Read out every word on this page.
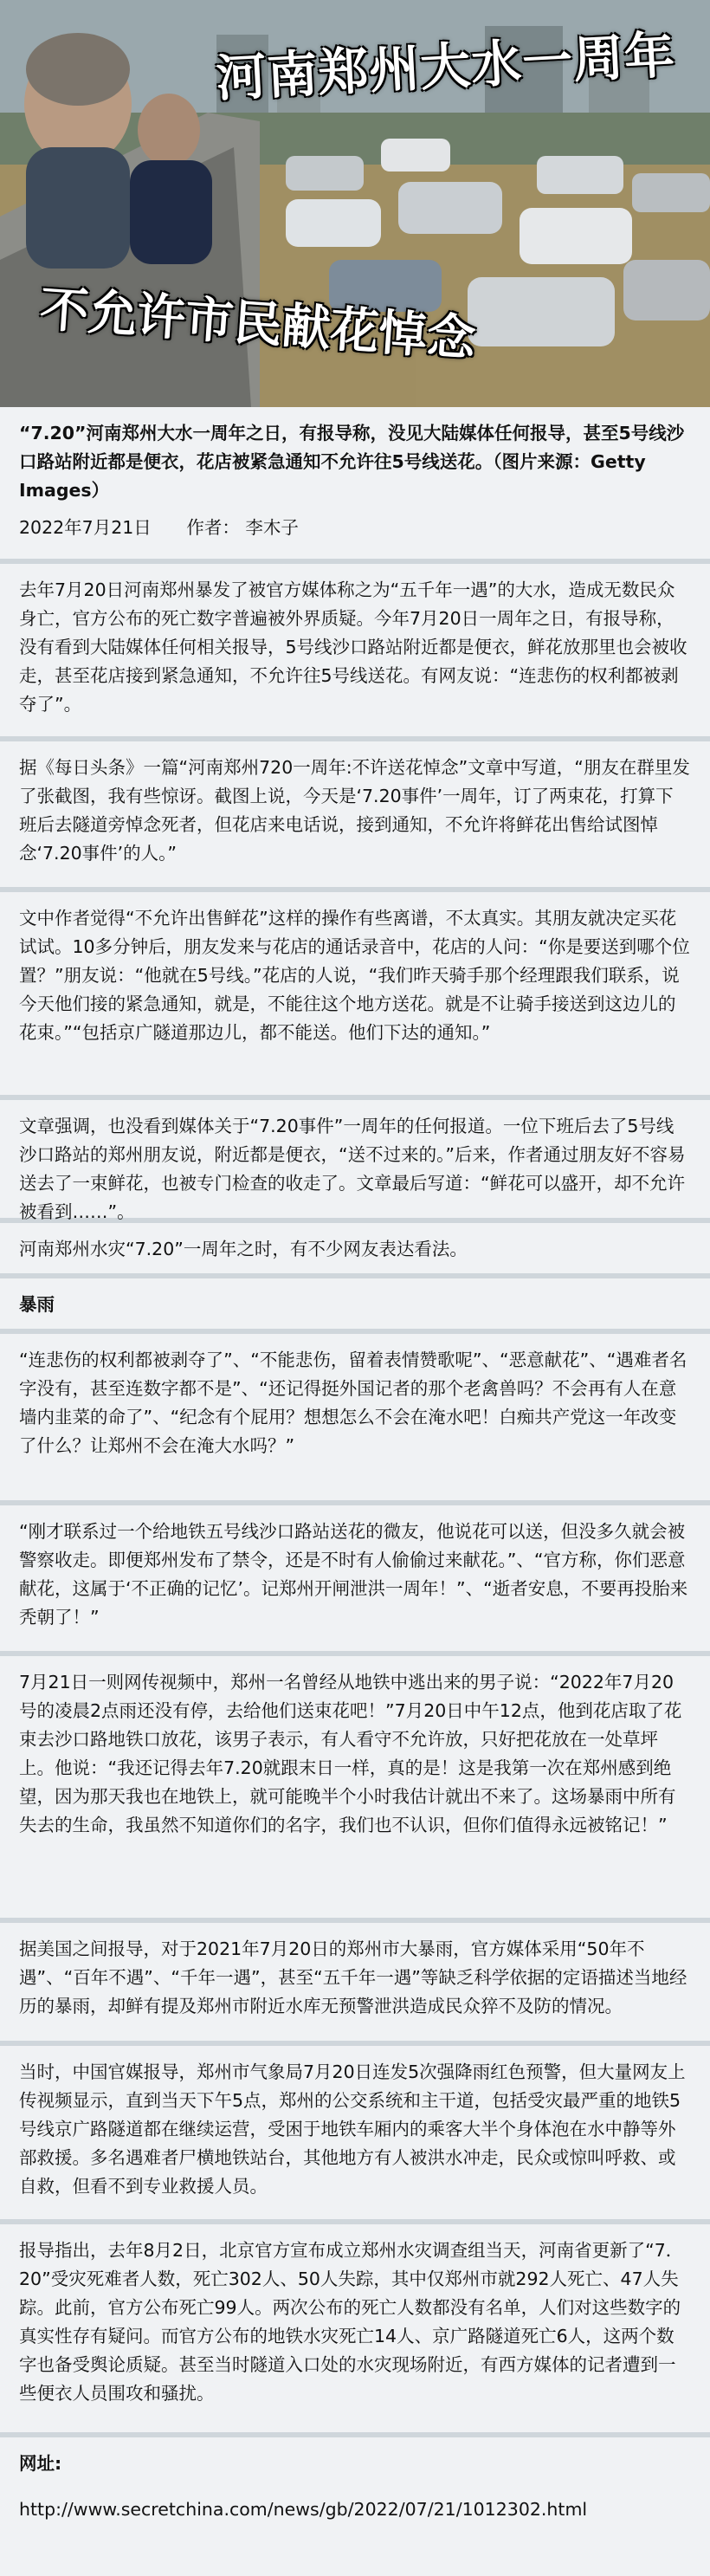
河南郑州大水一周年
不允许市民献花悼念
“7.20”河南郑州大水一周年之日，有报导称，没见大陆媒体任何报导，甚至5号线沙口路站附近都是便衣，花店被紧急通知不允许往5号线送花。（图片来源：Getty Images）
2022年7月21日 作者： 李木子
去年7月20日河南郑州暴发了被官方媒体称之为“五千年一遇”的大水，造成无数民众身亡，官方公布的死亡数字普遍被外界质疑。今年7月20日一周年之日，有报导称，没有看到大陆媒体任何相关报导，5号线沙口路站附近都是便衣，鲜花放那里也会被收走，甚至花店接到紧急通知，不允许往5号线送花。有网友说：“连悲伤的权利都被剥夺了”。
据《每日头条》一篇“河南郑州720一周年:不许送花悼念”文章中写道，“朋友在群里发了张截图，我有些惊讶。截图上说，今天是‘7.20事件’一周年，订了两束花，打算下班后去隧道旁悼念死者，但花店来电话说，接到通知，不允许将鲜花出售给试图悼念‘7.20事件’的人。”
文中作者觉得“不允许出售鲜花”这样的操作有些离谱，不太真实。其朋友就决定买花试试。10多分钟后，朋友发来与花店的通话录音中，花店的人问：“你是要送到哪个位置？”朋友说：“他就在5号线。”花店的人说，“我们昨天骑手那个经理跟我们联系，说今天他们接的紧急通知，就是，不能往这个地方送花。就是不让骑手接送到这边儿的花束。”“包括京广隧道那边儿，都不能送。他们下达的通知。”
文章强调，也没看到媒体关于“7.20事件”一周年的任何报道。一位下班后去了5号线沙口路站的郑州朋友说，附近都是便衣，“送不过来的。”后来，作者通过朋友好不容易送去了一束鲜花，也被专门检查的收走了。文章最后写道：“鲜花可以盛开，却不允许被看到……”。
河南郑州水灾“7.20”一周年之时，有不少网友表达看法。
暴雨
“连悲伤的权利都被剥夺了”、“不能悲伤，留着表情赞歌呢”、“恶意献花”、“遇难者名字没有，甚至连数字都不是”、“还记得挺外国记者的那个老禽兽吗？不会再有人在意墙内韭菜的命了”、“纪念有个屁用？想想怎么不会在淹水吧！白痴共产党这一年改变了什么？让郑州不会在淹大水吗？”
“刚才联系过一个给地铁五号线沙口路站送花的微友，他说花可以送，但没多久就会被警察收走。即便郑州发布了禁令，还是不时有人偷偷过来献花。”、“官方称，你们恶意献花，这属于‘不正确的记忆’。记郑州开闸泄洪一周年！”、“逝者安息，不要再投胎来秃朝了！”
7月21日一则网传视频中，郑州一名曾经从地铁中逃出来的男子说：“2022年7月20号的凌晨2点雨还没有停，去给他们送束花吧！”7月20日中午12点，他到花店取了花束去沙口路地铁口放花，该男子表示，有人看守不允许放，只好把花放在一处草坪上。他说：“我还记得去年7.20就跟末日一样，真的是！这是我第一次在郑州感到绝望，因为那天我也在地铁上，就可能晚半个小时我估计就出不来了。这场暴雨中所有失去的生命，我虽然不知道你们的名字，我们也不认识，但你们值得永远被铭记！”
据美国之间报导，对于2021年7月20日的郑州市大暴雨，官方媒体采用“50年不遇”、“百年不遇”、“千年一遇”，甚至“五千年一遇”等缺乏科学依据的定语描述当地经历的暴雨，却鲜有提及郑州市附近水库无预警泄洪造成民众猝不及防的情况。
当时，中国官媒报导，郑州市气象局7月20日连发5次强降雨红色预警，但大量网友上传视频显示，直到当天下午5点，郑州的公交系统和主干道，包括受灾最严重的地铁5号线京广路隧道都在继续运营，受困于地铁车厢内的乘客大半个身体泡在水中静等外部救援。多名遇难者尸横地铁站台，其他地方有人被洪水冲走，民众或惊叫呼救、或自救，但看不到专业救援人员。
报导指出，去年8月2日，北京官方宣布成立郑州水灾调查组当天，河南省更新了“7．20”受灾死难者人数，死亡302人、50人失踪，其中仅郑州市就292人死亡、47人失踪。此前，官方公布死亡99人。两次公布的死亡人数都没有名单，人们对这些数字的真实性存有疑问。而官方公布的地铁水灾死亡14人、京广路隧道死亡6人，这两个数字也备受舆论质疑。甚至当时隧道入口处的水灾现场附近，有西方媒体的记者遭到一些便衣人员围攻和骚扰。
网址:
http://www.secretchina.com/news/gb/2022/07/21/1012302.html
